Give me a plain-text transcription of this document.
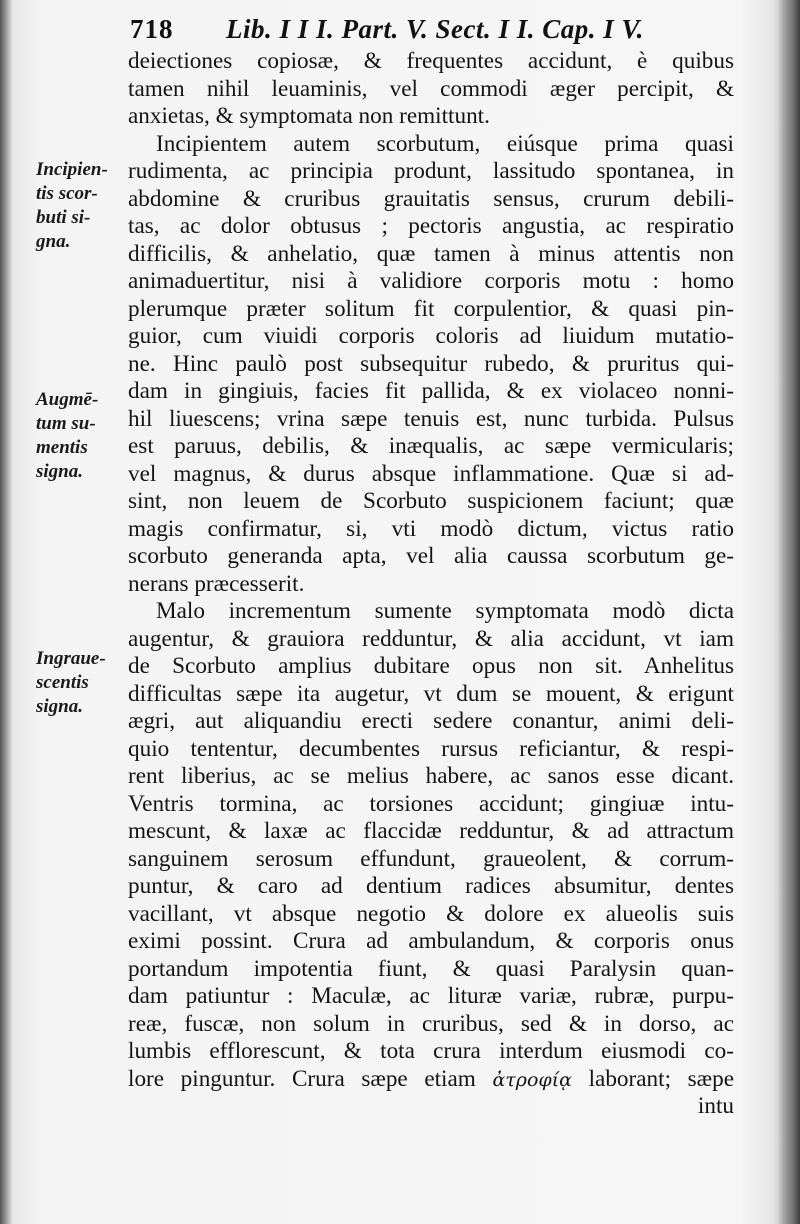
718 Lib. I I I. Part. V. Sect. I I. Cap. I V.
Incipien-
tis scor-
buti si-
gna.
Augmē-
tum su-
mentis
signa.
Ingraue-
scentis
signa.
deiectiones copiosæ, & frequentes accidunt, è quibus
tamen nihil leuaminis, vel commodi æger percipit, &
anxietas, & symptomata non remittunt.
Incipientem autem scorbutum, eiúsque prima quasi
rudimenta, ac principia produnt, lassitudo spontanea, in
abdomine & cruribus grauitatis sensus, crurum debili-
tas, ac dolor obtusus ; pectoris angustia, ac respiratio
difficilis, & anhelatio, quæ tamen à minus attentis non
animaduertitur, nisi à validiore corporis motu : homo
plerumque præter solitum fit corpulentior, & quasi pin-
guior, cum viuidi corporis coloris ad liuidum mutatio-
ne. Hinc paulò post subsequitur rubedo, & pruritus qui-
dam in gingiuis, facies fit pallida, & ex violaceo nonni-
hil liuescens; vrina sæpe tenuis est, nunc turbida. Pulsus
est paruus, debilis, & inæqualis, ac sæpe vermicularis;
vel magnus, & durus absque inflammatione. Quæ si ad-
sint, non leuem de Scorbuto suspicionem faciunt; quæ
magis confirmatur, si, vti modò dictum, victus ratio
scorbuto generanda apta, vel alia caussa scorbutum ge-
nerans præcesserit.
Malo incrementum sumente symptomata modò dicta
augentur, & grauiora redduntur, & alia accidunt, vt iam
de Scorbuto amplius dubitare opus non sit. Anhelitus
difficultas sæpe ita augetur, vt dum se mouent, & erigunt
ægri, aut aliquandiu erecti sedere conantur, animi deli-
quio tententur, decumbentes rursus reficiantur, & respi-
rent liberius, ac se melius habere, ac sanos esse dicant.
Ventris tormina, ac torsiones accidunt; gingiuæ intu-
mescunt, & laxæ ac flaccidæ redduntur, & ad attractum
sanguinem serosum effundunt, graueolent, & corrum-
puntur, & caro ad dentium radices absumitur, dentes
vacillant, vt absque negotio & dolore ex alueolis suis
eximi possint. Crura ad ambulandum, & corporis onus
portandum impotentia fiunt, & quasi Paralysin quan-
dam patiuntur : Maculæ, ac lituræ variæ, rubræ, purpu-
reæ, fuscæ, non solum in cruribus, sed & in dorso, ac
lumbis efflorescunt, & tota crura interdum eiusmodi co-
lore pinguntur. Crura sæpe etiam ἀτροφίᾳ laborant; sæpe
intu
